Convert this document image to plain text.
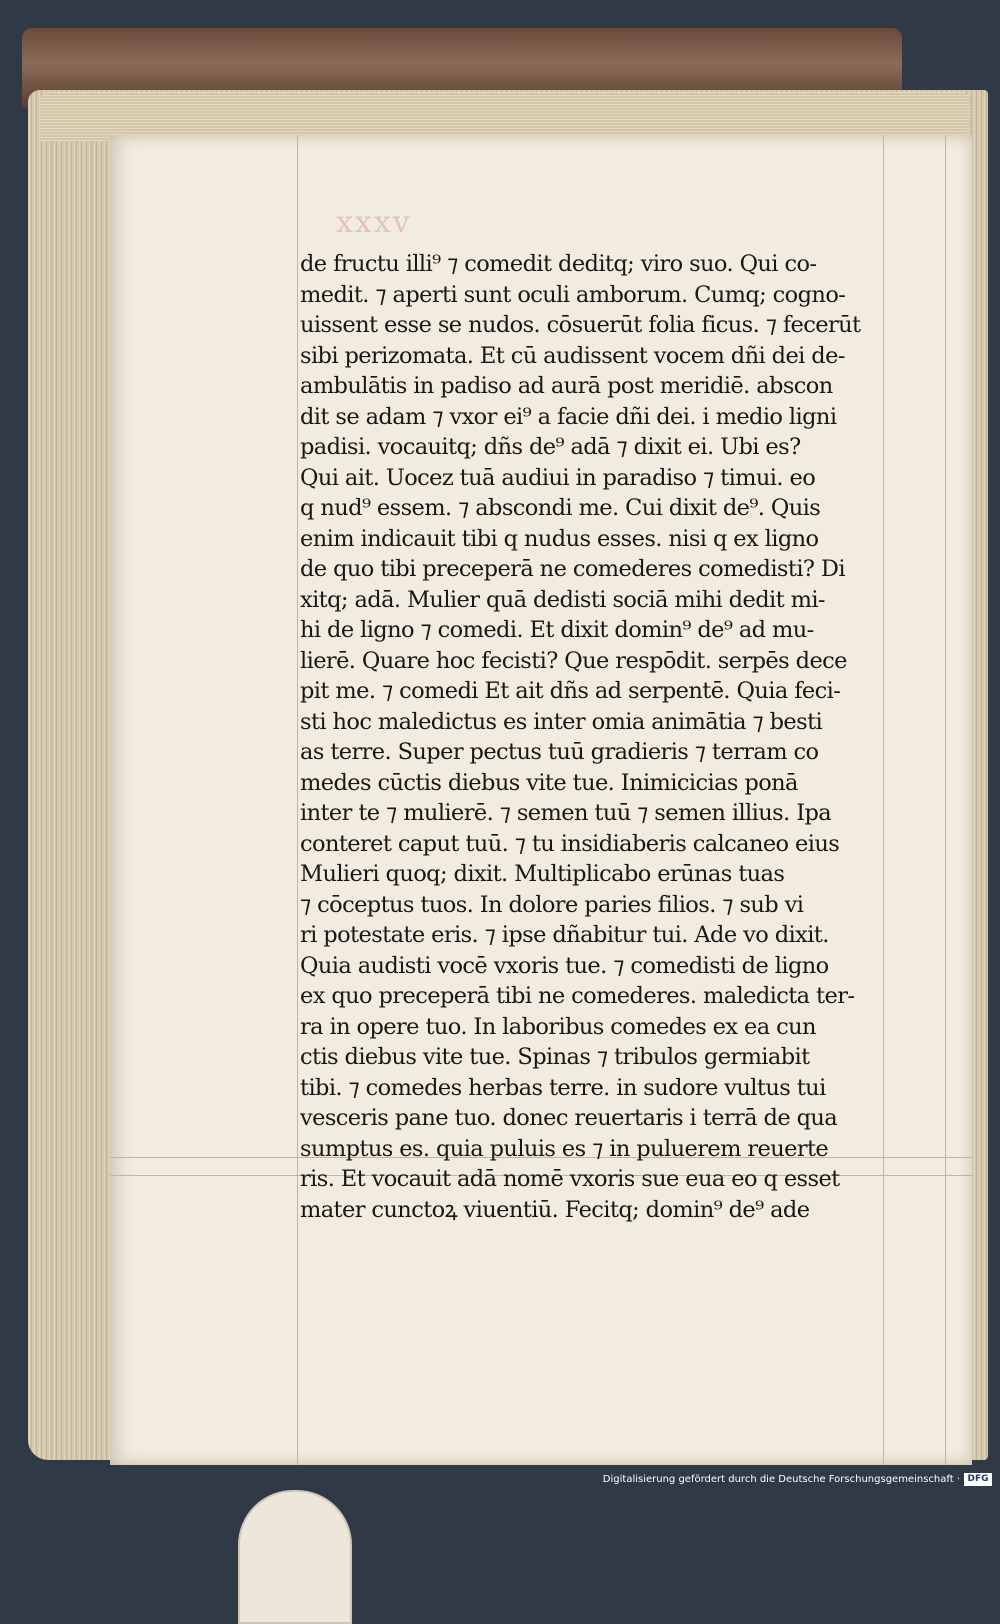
xxxv
de fructu illi⁹ ⁊ comedit deditq; viro suo. Qui co-
medit. ⁊ aperti sunt oculi amborum. Cumq; cogno-
uissent esse se nudos. cōsuerūt folia ficus. ⁊ fecerūt
sibi perizomata. Et cū audissent vocem dñi dei de-
ambulātis in padiso ad aurā post meridiē. abscon
dit se adam ⁊ vxor ei⁹ a facie dñi dei. i medio ligni
padisi. vocauitq; dñs de⁹ adā ⁊ dixit ei. Ubi es?
Qui ait. Uocez tuā audiui in paradiso ⁊ timui. eo
q nud⁹ essem. ⁊ abscondi me. Cui dixit de⁹. Quis
enim indicauit tibi q nudus esses. nisi q ex ligno
de quo tibi preceperā ne comederes comedisti? Di
xitq; adā. Mulier quā dedisti sociā mihi dedit mi-
hi de ligno ⁊ comedi. Et dixit domin⁹ de⁹ ad mu-
lierē. Quare hoc fecisti? Que respōdit. serpēs dece
pit me. ⁊ comedi Et ait dñs ad serpentē. Quia feci-
sti hoc maledictus es inter omia animātia ⁊ besti
as terre. Super pectus tuū gradieris ⁊ terram co
medes cūctis diebus vite tue. Inimicicias ponā
inter te ⁊ mulierē. ⁊ semen tuū ⁊ semen illius. Ipa
conteret caput tuū. ⁊ tu insidiaberis calcaneo eius
Mulieri quoq; dixit. Multiplicabo erūnas tuas
⁊ cōceptus tuos. In dolore paries filios. ⁊ sub vi
ri potestate eris. ⁊ ipse dñabitur tui. Ade vo dixit.
Quia audisti vocē vxoris tue. ⁊ comedisti de ligno
ex quo preceperā tibi ne comederes. maledicta ter-
ra in opere tuo. In laboribus comedes ex ea cun
ctis diebus vite tue. Spinas ⁊ tribulos germiabit
tibi. ⁊ comedes herbas terre. in sudore vultus tui
vesceris pane tuo. donec reuertaris i terrā de qua
sumptus es. quia puluis es ⁊ in puluerem reuerte
ris. Et vocauit adā nomē vxoris sue eua eo q esset
mater cunctoꝝ viuentiū. Fecitq; domin⁹ de⁹ ade
Digitalisierung gefördert durch die Deutsche Forschungsgemeinschaft · DFG
